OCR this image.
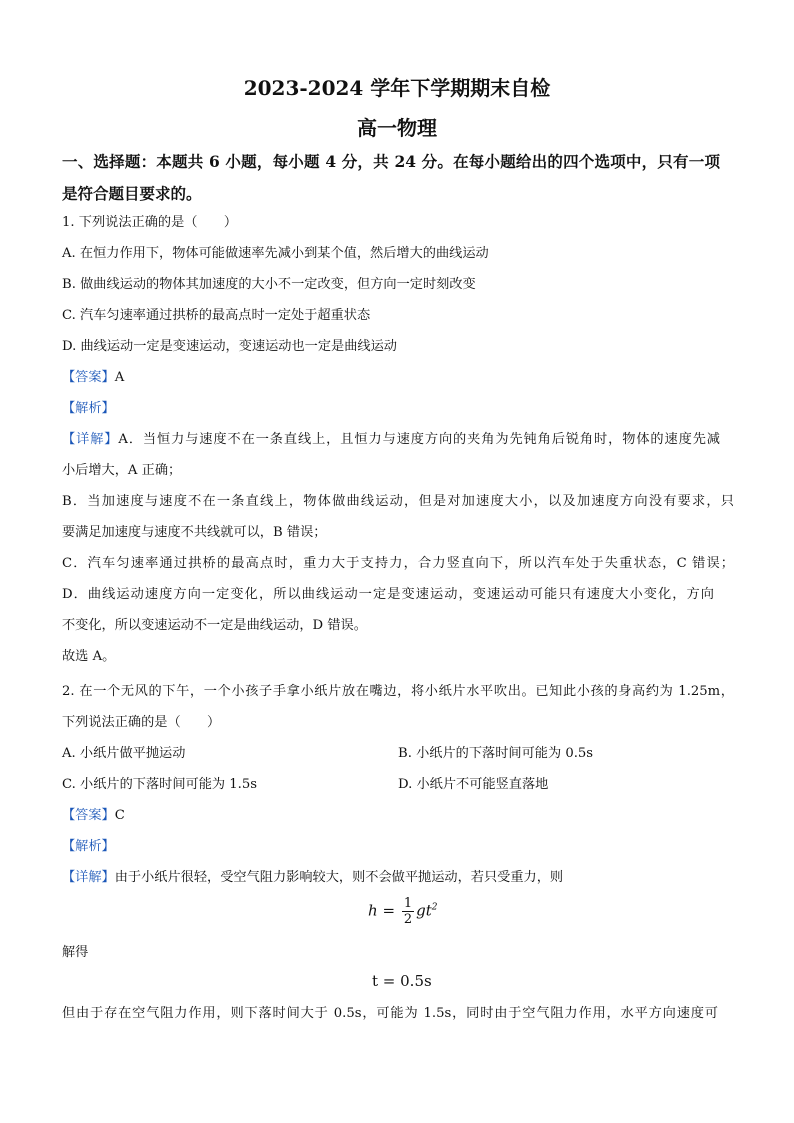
2023-2024 学年下学期期末自检
高一物理
一、选择题：本题共 6 小题，每小题 4 分，共 24 分。在每小题给出的四个选项中，只有一项
是符合题目要求的。
1. 下列说法正确的是（　　）
A. 在恒力作用下，物体可能做速率先减小到某个值，然后增大的曲线运动
B. 做曲线运动的物体其加速度的大小不一定改变，但方向一定时刻改变
C. 汽车匀速率通过拱桥的最高点时一定处于超重状态
D. 曲线运动一定是变速运动，变速运动也一定是曲线运动
【答案】A
【解析】
【详解】A．当恒力与速度不在一条直线上，且恒力与速度方向的夹角为先钝角后锐角时，物体的速度先减
小后增大，A 正确；
B．当加速度与速度不在一条直线上，物体做曲线运动，但是对加速度大小，以及加速度方向没有要求，只
要满足加速度与速度不共线就可以，B 错误；
C．汽车匀速率通过拱桥的最高点时，重力大于支持力，合力竖直向下，所以汽车处于失重状态，C 错误；
D．曲线运动速度方向一定变化，所以曲线运动一定是变速运动，变速运动可能只有速度大小变化，方向
不变化，所以变速运动不一定是曲线运动，D 错误。
故选 A。
2. 在一个无风的下午，一个小孩子手拿小纸片放在嘴边，将小纸片水平吹出。已知此小孩的身高约为 1.25m，
下列说法正确的是（　　）
A. 小纸片做平抛运动	B. 小纸片的下落时间可能为 0.5s
C. 小纸片的下落时间可能为 1.5s	D. 小纸片不可能竖直落地
【答案】C
【解析】
【详解】由于小纸片很轻，受空气阻力影响较大，则不会做平抛运动，若只受重力，则
$h = \frac{1}{2} gt^2$
解得
t = 0.5s
但由于存在空气阻力作用，则下落时间大于 0.5s，可能为 1.5s，同时由于空气阻力作用，水平方向速度可
